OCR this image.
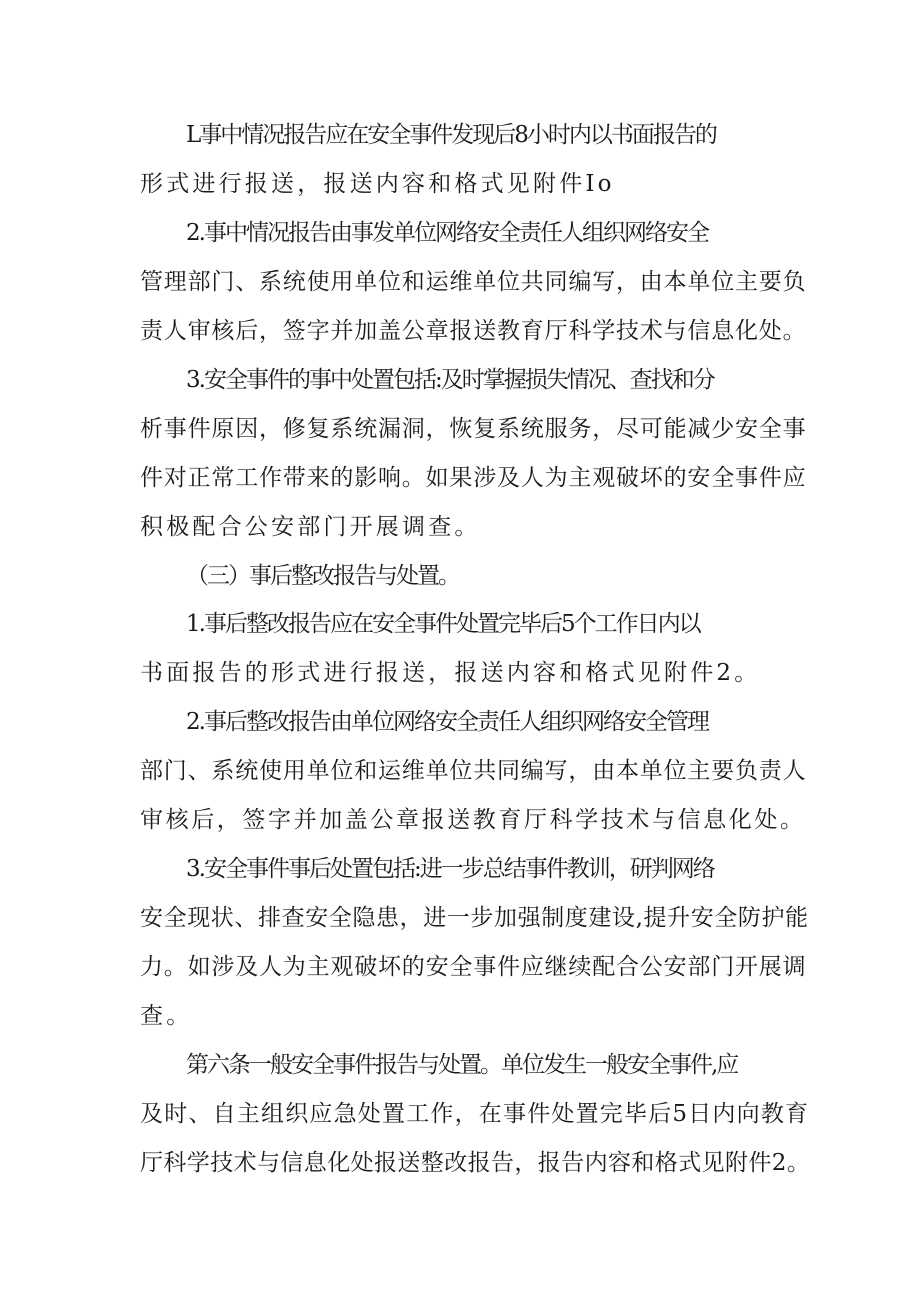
L事中情况报告应在安全事件发现后8小时内以书面报告的
形式进行报送，报送内容和格式见附件Io
2.事中情况报告由事发单位网络安全责任人组织网络安全
管理部门、系统使用单位和运维单位共同编写，由本单位主要负
责人审核后，签字并加盖公章报送教育厅科学技术与信息化处。
3.安全事件的事中处置包括:及时掌握损失情况、查找和分
析事件原因，修复系统漏洞，恢复系统服务，尽可能减少安全事
件对正常工作带来的影响。如果涉及人为主观破坏的安全事件应
积极配合公安部门开展调查。
（三）事后整改报告与处置。
1.事后整改报告应在安全事件处置完毕后5个工作日内以
书面报告的形式进行报送，报送内容和格式见附件2。
2.事后整改报告由单位网络安全责任人组织网络安全管理
部门、系统使用单位和运维单位共同编写，由本单位主要负责人
审核后，签字并加盖公章报送教育厅科学技术与信息化处。
3.安全事件事后处置包括:进一步总结事件教训，研判网络
安全现状、排查安全隐患，进一步加强制度建设,提升安全防护能
力。如涉及人为主观破坏的安全事件应继续配合公安部门开展调
查。
第六条一般安全事件报告与处置。单位发生一般安全事件,应
及时、自主组织应急处置工作，在事件处置完毕后5日内向教育
厅科学技术与信息化处报送整改报告，报告内容和格式见附件2。
